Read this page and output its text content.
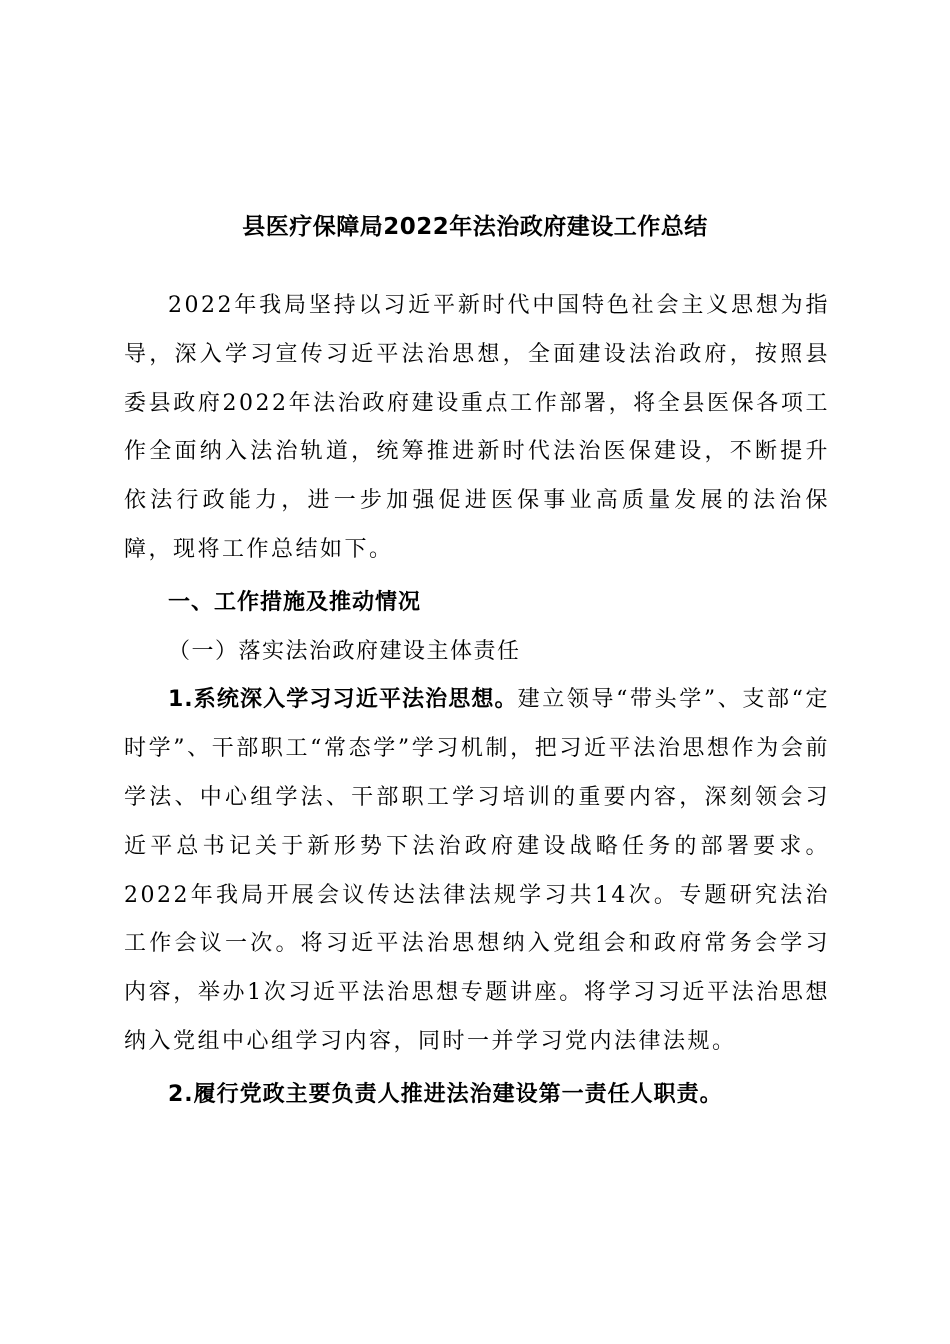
县医疗保障局2022年法治政府建设工作总结

2022年我局坚持以习近平新时代中国特色社会主义思想为指导，深入学习宣传习近平法治思想，全面建设法治政府，按照县委县政府2022年法治政府建设重点工作部署，将全县医保各项工作全面纳入法治轨道，统筹推进新时代法治医保建设，不断提升依法行政能力，进一步加强促进医保事业高质量发展的法治保障，现将工作总结如下。

一、工作措施及推动情况

（一）落实法治政府建设主体责任

1.系统深入学习习近平法治思想。建立领导“带头学”、支部“定时学”、干部职工“常态学”学习机制，把习近平法治思想作为会前学法、中心组学法、干部职工学习培训的重要内容，深刻领会习近平总书记关于新形势下法治政府建设战略任务的部署要求。2022年我局开展会议传达法律法规学习共14次。专题研究法治工作会议一次。将习近平法治思想纳入党组会和政府常务会学习内容，举办1次习近平法治思想专题讲座。将学习习近平法治思想纳入党组中心组学习内容，同时一并学习党内法律法规。

2.履行党政主要负责人推进法治建设第一责任人职责。
